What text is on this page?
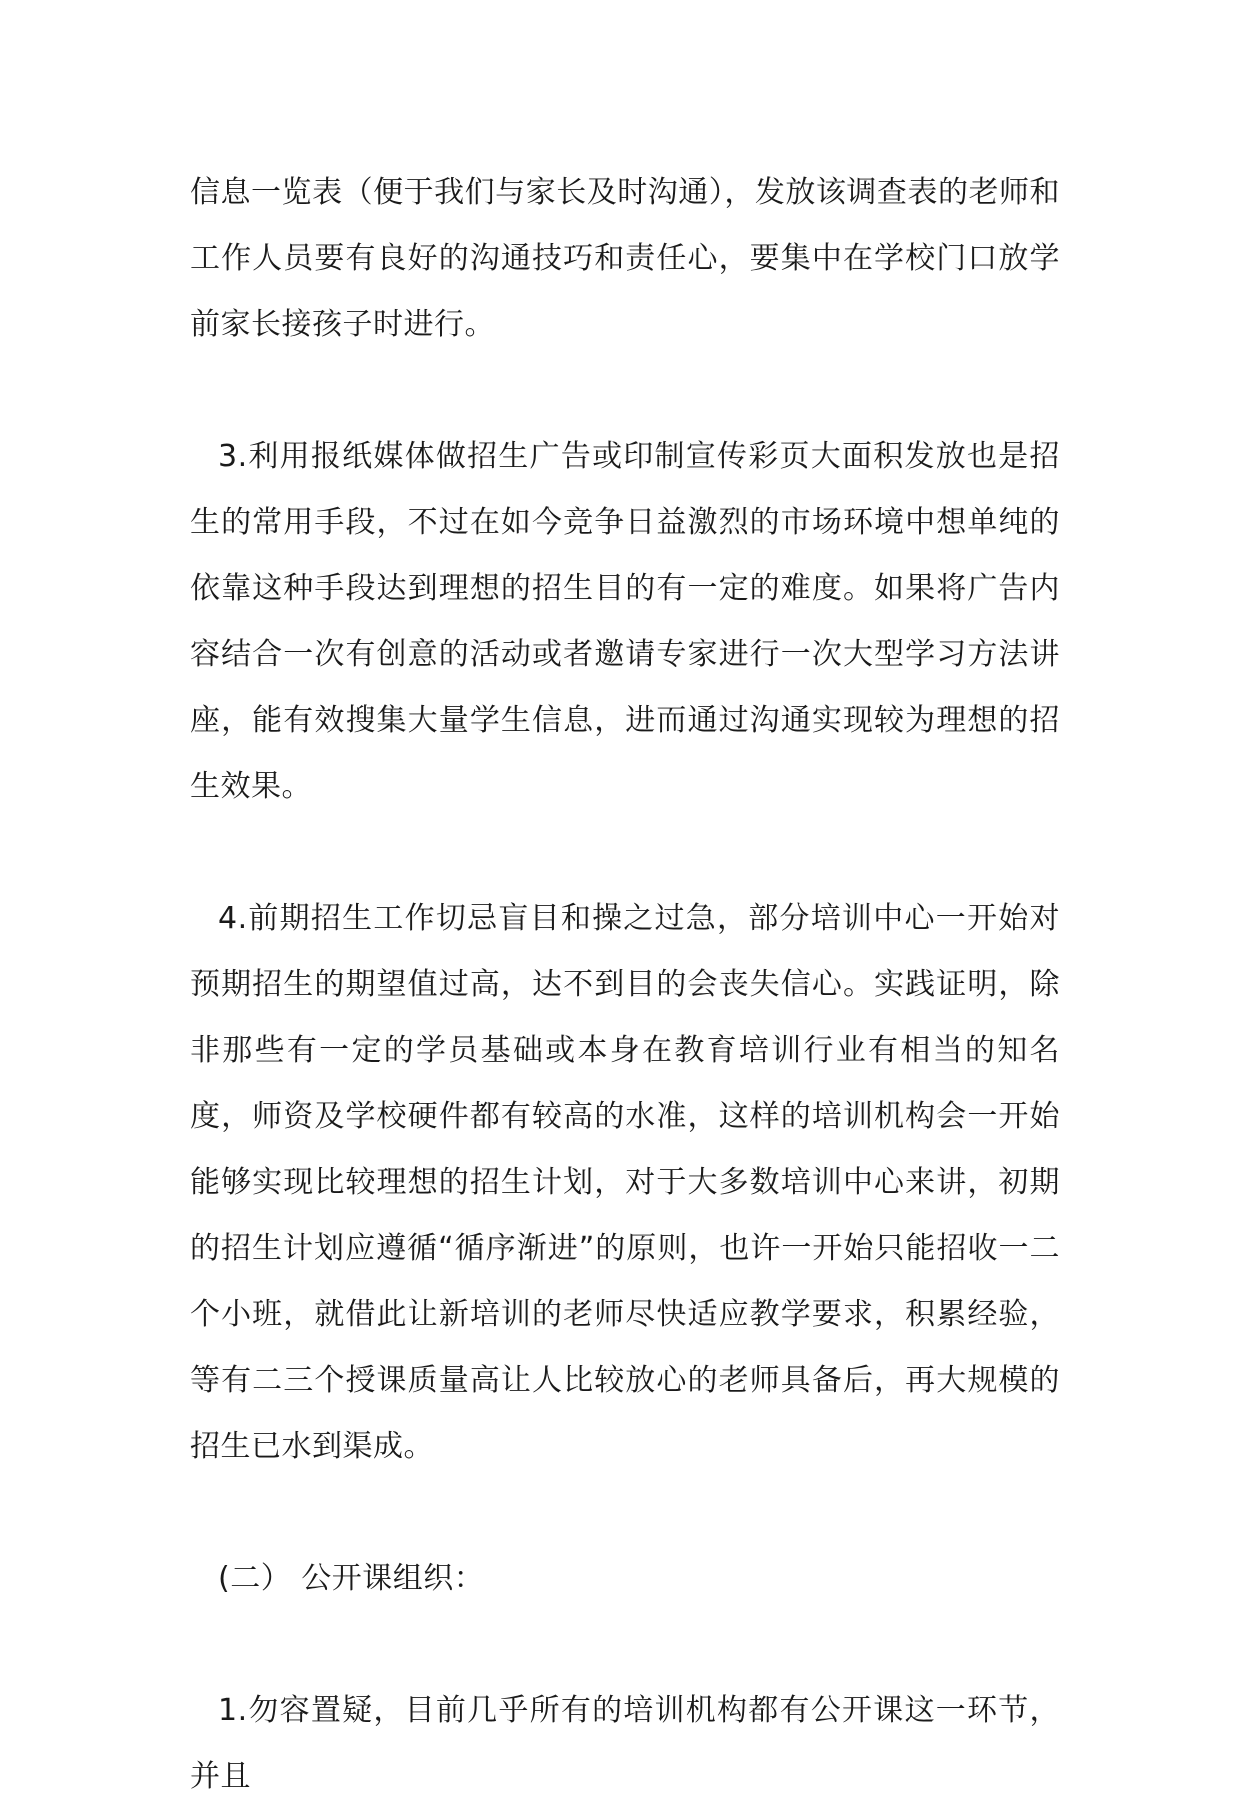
信息一览表（便于我们与家长及时沟通），发放该调查表的老师和工作人员要有良好的沟通技巧和责任心，要集中在学校门口放学前家长接孩子时进行。

3.利用报纸媒体做招生广告或印制宣传彩页大面积发放也是招生的常用手段，不过在如今竞争日益激烈的市场环境中想单纯的依靠这种手段达到理想的招生目的有一定的难度。如果将广告内容结合一次有创意的活动或者邀请专家进行一次大型学习方法讲座，能有效搜集大量学生信息，进而通过沟通实现较为理想的招生效果。

4.前期招生工作切忌盲目和操之过急，部分培训中心一开始对预期招生的期望值过高，达不到目的会丧失信心。实践证明，除非那些有一定的学员基础或本身在教育培训行业有相当的知名度，师资及学校硬件都有较高的水准，这样的培训机构会一开始能够实现比较理想的招生计划，对于大多数培训中心来讲，初期的招生计划应遵循“循序渐进”的原则，也许一开始只能招收一二个小班，就借此让新培训的老师尽快适应教学要求，积累经验，等有二三个授课质量高让人比较放心的老师具备后，再大规模的招生已水到渠成。

(二） 公开课组织：

1.勿容置疑，目前几乎所有的培训机构都有公开课这一环节，并且
